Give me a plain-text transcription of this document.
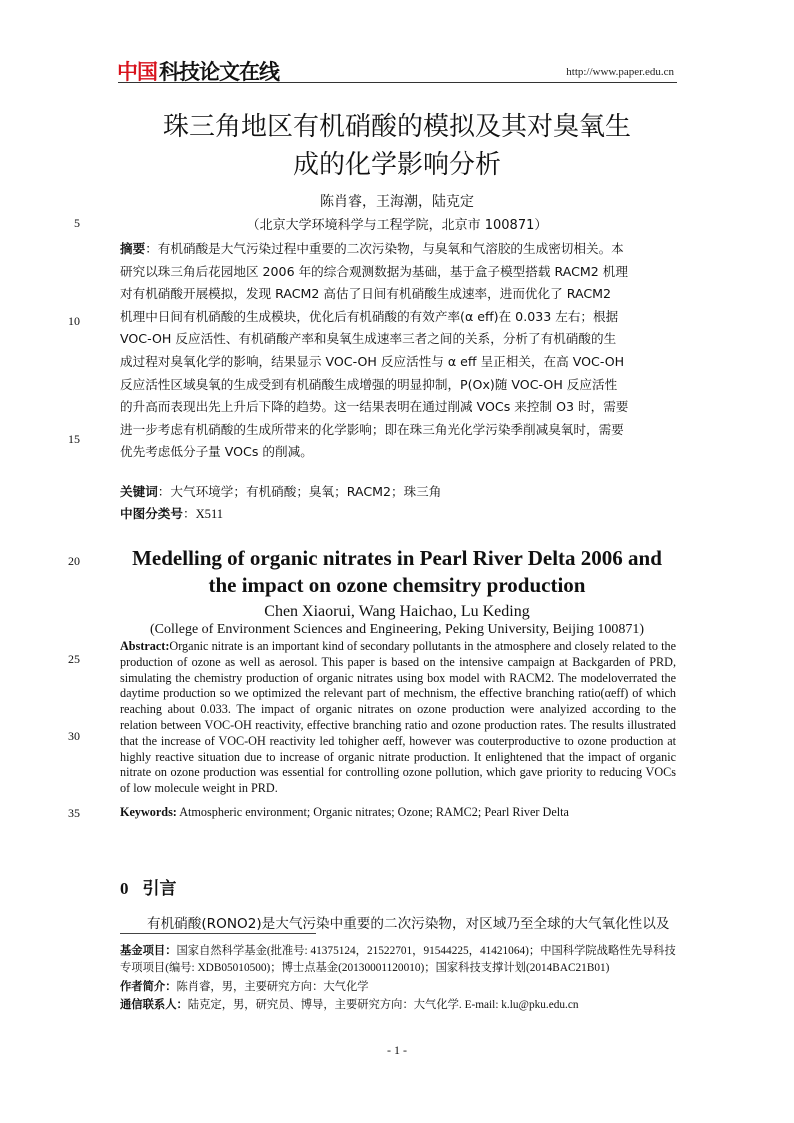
中国 科技论文在线	http://www.paper.edu.cn
珠三角地区有机硝酸的模拟及其对臭氧生
成的化学影响分析
陈肖睿，王海潮，陆克定
（北京大学环境科学与工程学院，北京市 100871）
5
10
15
20
25
30
35
摘要：有机硝酸是大气污染过程中重要的二次污染物，与臭氧和气溶胶的生成密切相关。本
研究以珠三角后花园地区 2006 年的综合观测数据为基础，基于盒子模型搭载 RACM2 机理
对有机硝酸开展模拟，发现 RACM2 高估了日间有机硝酸生成速率，进而优化了 RACM2
机理中日间有机硝酸的生成模块，优化后有机硝酸的有效产率(α eff)在 0.033 左右；根据
VOC-OH 反应活性、有机硝酸产率和臭氧生成速率三者之间的关系，分析了有机硝酸的生
成过程对臭氧化学的影响，结果显示 VOC-OH 反应活性与 α eff 呈正相关，在高 VOC-OH
反应活性区域臭氧的生成受到有机硝酸生成增强的明显抑制，P(Ox)随 VOC-OH 反应活性
的升高而表现出先上升后下降的趋势。这一结果表明在通过削减 VOCs 来控制 O3 时，需要
进一步考虑有机硝酸的生成所带来的化学影响；即在珠三角光化学污染季削减臭氧时，需要
优先考虑低分子量 VOCs 的削减。
关键词：大气环境学；有机硝酸；臭氧；RACM2；珠三角
中图分类号：X511
Medelling of organic nitrates in Pearl River Delta 2006 and
the impact on ozone chemsitry production
Chen Xiaorui, Wang Haichao, Lu Keding
(College of Environment Sciences and Engineering, Peking University, Beijing 100871)
Abstract:Organic nitrate is an important kind of secondary pollutants in the atmosphere and closely related to the production of ozone as well as aerosol. This paper is based on the intensive campaign at Backgarden of PRD, simulating the chemistry production of organic nitrates using box model with RACM2. The modeloverrated the daytime production so we optimized the relevant part of mechnism, the effective branching ratio(αeff) of which reaching about 0.033. The impact of organic nitrates on ozone production were analyized according to the relation between VOC-OH reactivity, effective branching ratio and ozone production rates. The results illustrated that the increase of VOC-OH reactivity led tohigher αeff, however was couterproductive to ozone production at highly reactive situation due to increase of organic nitrate production. It enlightened that the impact of organic nitrate on ozone production was essential for controlling ozone pollution, which gave priority to reducing VOCs of low molecule weight in PRD.
Keywords: Atmospheric environment; Organic nitrates; Ozone; RAMC2; Pearl River Delta
0 引言
有机硝酸(RONO2)是大气污染中重要的二次污染物，对区域乃至全球的大气氧化性以及
基金项目：国家自然科学基金(批准号: 41375124，21522701，91544225，41421064)；中国科学院战略性先导科技专项项目(编号: XDB05010500)；博士点基金(20130001120010)；国家科技支撑计划(2014BAC21B01)
作者简介：陈肖睿，男，主要研究方向：大气化学
通信联系人：陆克定，男，研究员、博导，主要研究方向：大气化学. E-mail: k.lu@pku.edu.cn
- 1 -
